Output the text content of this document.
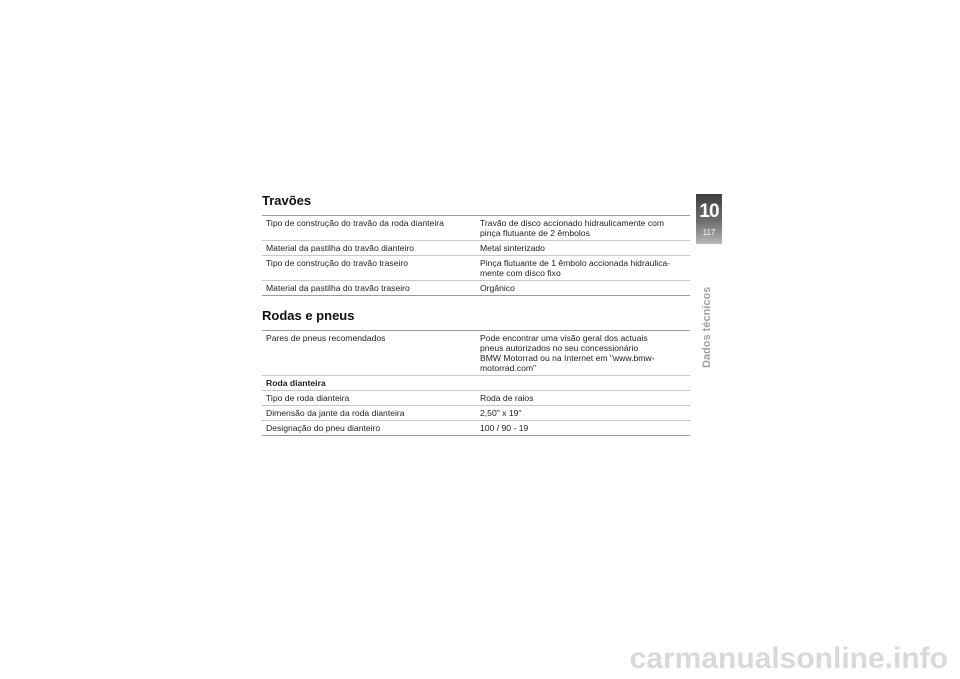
Travões
Tipo de construção do travão da roda dianteira	Travão de disco accionado hidraulicamente com
pinça flutuante de 2 êmbolos
Material da pastilha do travão dianteiro	Metal sinterizado
Tipo de construção do travão traseiro	Pinça flutuante de 1 êmbolo accionada hidraulica-
mente com disco fixo
Material da pastilha do travão traseiro	Orgânico
Rodas e pneus
Pares de pneus recomendados	Pode encontrar uma visão geral dos actuais
pneus autorizados no seu concessionário
BMW Motorrad ou na Internet em "www.bmw-
motorrad.com"
Roda dianteira	
Tipo de roda dianteira	Roda de raios
Dimensão da jante da roda dianteira	2,50" x 19"
Designação do pneu dianteiro	100 / 90 - 19
10
117
Dados técnicos
carmanualsonline.info
